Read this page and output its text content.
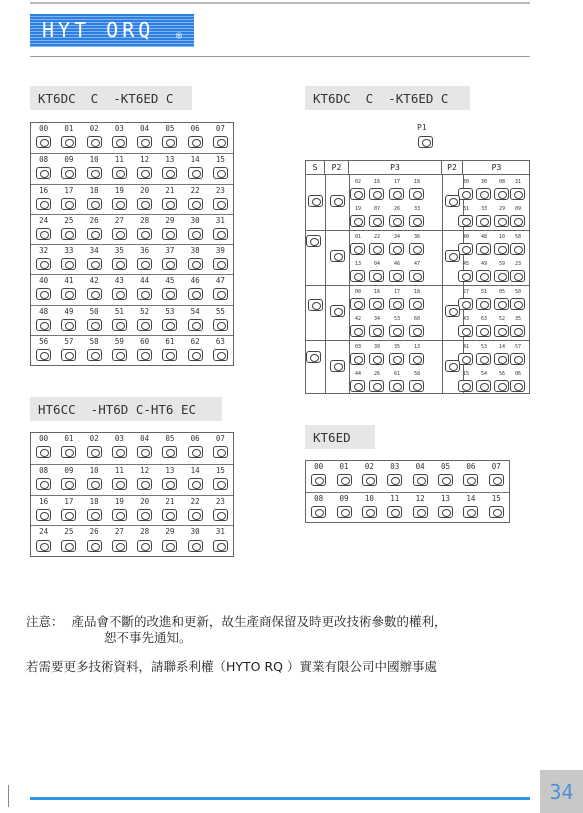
HYT ORQ ®
KT6DC  C  -KT6ED C	KT6DC  C  -KT6ED C
HT6CC  -HT6D C-HT6 EC
KT6ED
00	01	02	03	04	05	06	07
08	09	10	11	12	13	14	15
16	17	18	19	20	21	22	23
24	25	26	27	28	29	30	31
32	33	34	35	36	37	38	39
40	41	42	43	44	45	46	47
48	49	50	51	52	53	54	55
56	57	58	59	60	61	62	63
00	01	02	03	04	05	06	07
08	09	10	11	12	13	14	15
16	17	18	19	20	21	22	23
24	25	26	27	28	29	30	31
00	01	02	03	04	05	06	07
08	09	10	11	12	13	14	15
P1
S	P2	P3	P2	P3
02	16	17	18	30	30	08	31
19	07	26	33	31	33	29	09
01	22	34	36	40	48	10	58
13	04	46	47	45	49	59	23
00	16	17	18	27	51	05	50
42	34	53	60	43	63	52	35
03	39	35	13	41	53	14	57
44	26	61	58	15	54	56	06
注意：  產品會不斷的改進和更新，故生產商保留及時更改技術參數的權利，
恕不事先通知。
若需要更多技術資料，請聯系利權（HYTO RQ ）實業有限公司中國辦事處
34
